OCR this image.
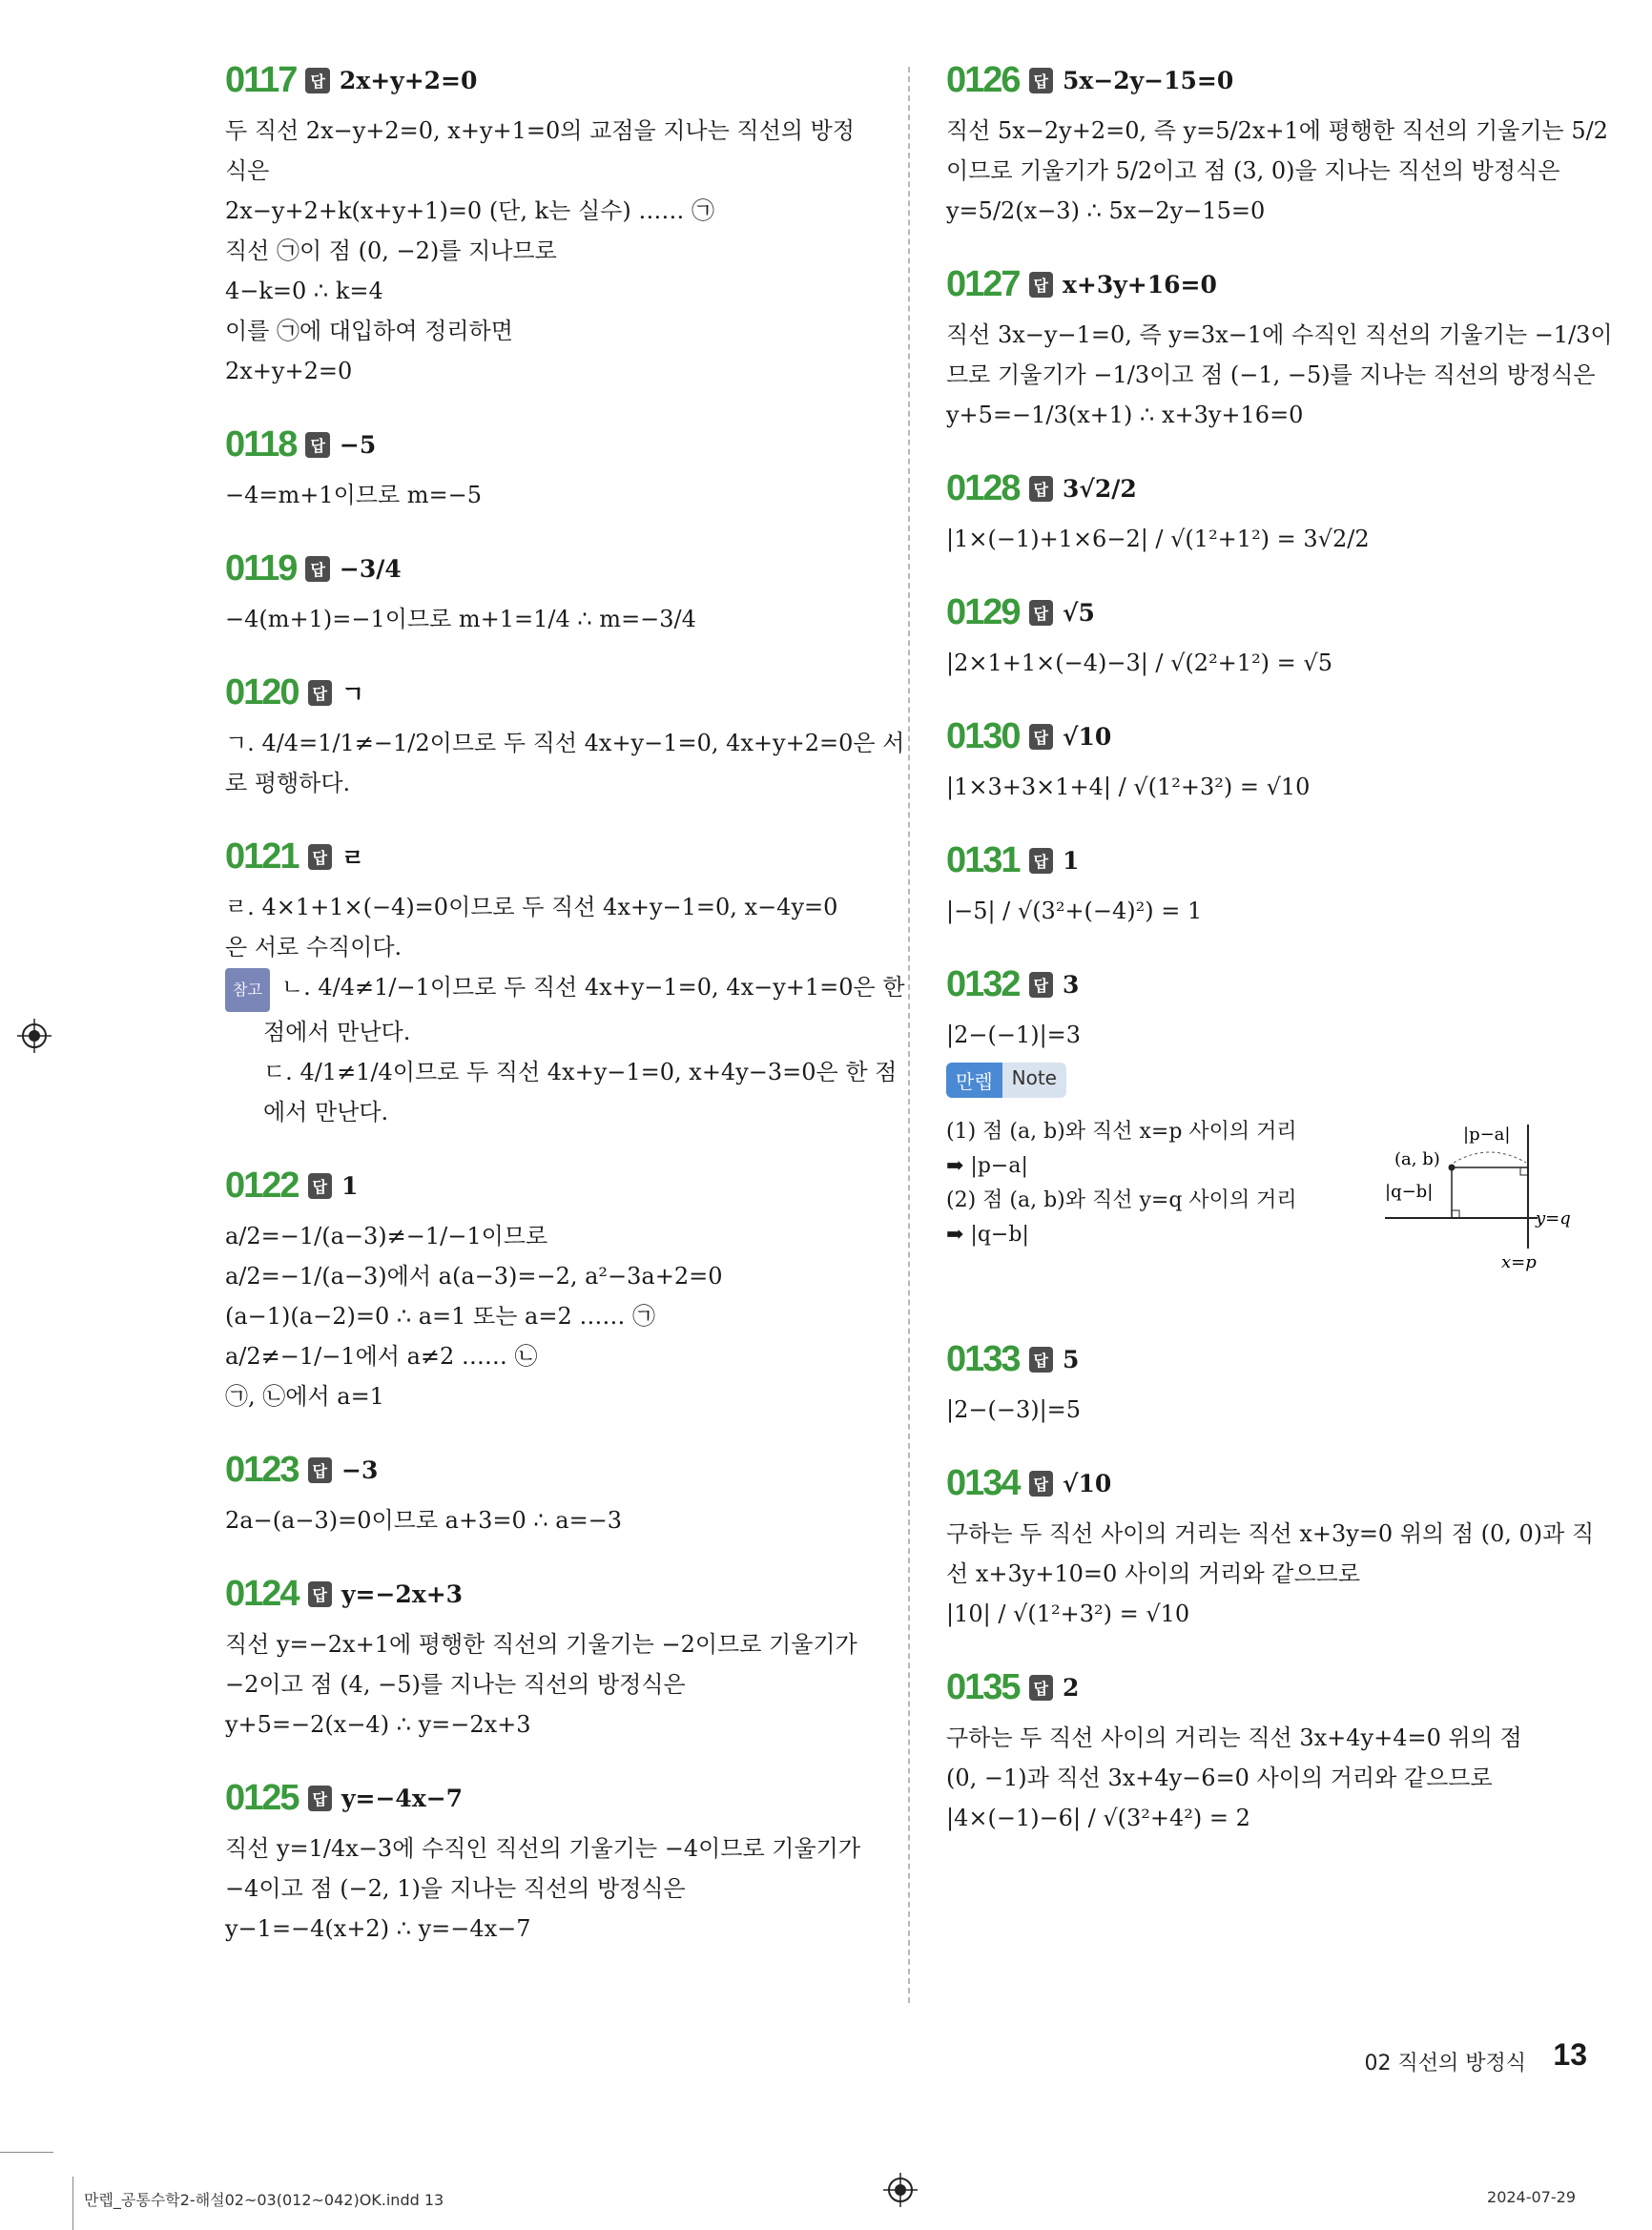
0117 답 2x+y+2=0
두 직선 2x−y+2=0, x+y+1=0의 교점을 지나는 직선의 방정
식은
2x−y+2+k(x+y+1)=0 (단, k는 실수) …… ㉠
직선 ㉠이 점 (0, −2)를 지나므로
4−k=0 ∴ k=4
이를 ㉠에 대입하여 정리하면
2x+y+2=0
0118 답 −5
−4=m+1이므로 m=−5
0119 답 −3/4
−4(m+1)=−1이므로 m+1=1/4 ∴ m=−3/4
0120 답 ㄱ
ㄱ. 4/4=1/1≠−1/2이므로 두 직선 4x+y−1=0, 4x+y+2=0은 서
로 평행하다.
0121 답 ㄹ
ㄹ. 4×1+1×(−4)=0이므로 두 직선 4x+y−1=0, x−4y=0
은 서로 수직이다.
참고 ㄴ. 4/4≠1/−1이므로 두 직선 4x+y−1=0, 4x−y+1=0은 한
점에서 만난다.
ㄷ. 4/1≠1/4이므로 두 직선 4x+y−1=0, x+4y−3=0은 한 점
에서 만난다.
0122 답 1
a/2=−1/(a−3)≠−1/−1이므로
a/2=−1/(a−3)에서 a(a−3)=−2, a²−3a+2=0
(a−1)(a−2)=0 ∴ a=1 또는 a=2 …… ㉠
a/2≠−1/−1에서 a≠2 …… ㉡
㉠, ㉡에서 a=1
0123 답 −3
2a−(a−3)=0이므로 a+3=0 ∴ a=−3
0124 답 y=−2x+3
직선 y=−2x+1에 평행한 직선의 기울기는 −2이므로 기울기가
−2이고 점 (4, −5)를 지나는 직선의 방정식은
y+5=−2(x−4) ∴ y=−2x+3
0125 답 y=−4x−7
직선 y=1/4x−3에 수직인 직선의 기울기는 −4이므로 기울기가
−4이고 점 (−2, 1)을 지나는 직선의 방정식은
y−1=−4(x+2) ∴ y=−4x−7
0126 답 5x−2y−15=0
직선 5x−2y+2=0, 즉 y=5/2x+1에 평행한 직선의 기울기는 5/2
이므로 기울기가 5/2이고 점 (3, 0)을 지나는 직선의 방정식은
y=5/2(x−3) ∴ 5x−2y−15=0
0127 답 x+3y+16=0
직선 3x−y−1=0, 즉 y=3x−1에 수직인 직선의 기울기는 −1/3이
므로 기울기가 −1/3이고 점 (−1, −5)를 지나는 직선의 방정식은
y+5=−1/3(x+1) ∴ x+3y+16=0
0128 답 3√2/2
|1×(−1)+1×6−2| / √(1²+1²) = 3√2/2
0129 답 √5
|2×1+1×(−4)−3| / √(2²+1²) = √5
0130 답 √10
|1×3+3×1+4| / √(1²+3²) = √10
0131 답 1
|−5| / √(3²+(−4)²) = 1
0132 답 3
|2−(−1)|=3
만렙	Note
(1) 점 (a, b)와 직선 x=p 사이의 거리
➡ |p−a|
(2) 점 (a, b)와 직선 y=q 사이의 거리
➡ |q−b|
(a, b)
|p−a|
|q−b|
y=q
x=p
0133 답 5
|2−(−3)|=5
0134 답 √10
구하는 두 직선 사이의 거리는 직선 x+3y=0 위의 점 (0, 0)과 직
선 x+3y+10=0 사이의 거리와 같으므로
|10| / √(1²+3²) = √10
0135 답 2
구하는 두 직선 사이의 거리는 직선 3x+4y+4=0 위의 점
(0, −1)과 직선 3x+4y−6=0 사이의 거리와 같으므로
|4×(−1)−6| / √(3²+4²) = 2
02 직선의 방정식 13
만렙_공통수학2-해설02~03(012~042)OK.indd 13	2024-07-29
